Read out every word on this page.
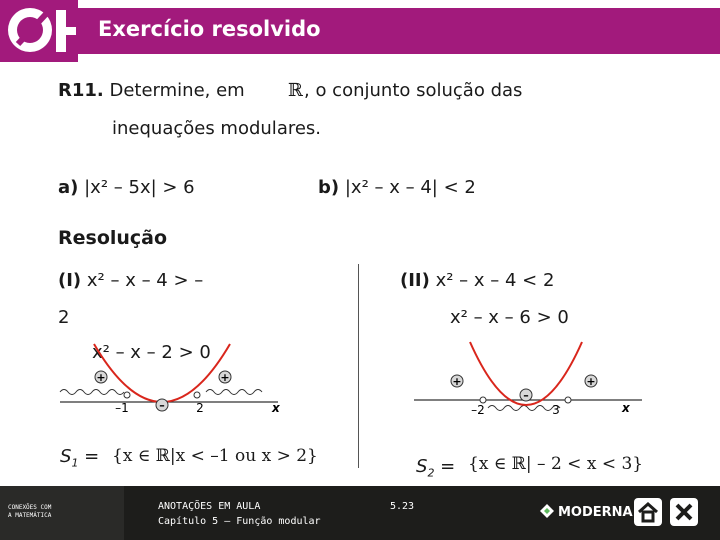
Exercício resolvido
R11. Determine, em ℝ , o conjunto solução das
inequações modulares.
a) |x² – 5x| > 6	b) |x² – x – 4| < 2
Resolução
(I) x² – x – 4 > –
2
x² – x – 2 > 0
+
–
+
–1	2	x
$S_1 = \{x$ ∈ ℝ|x < –1 ou x > 2}
(II) x² – x – 4 < 2
x² – x – 6 > 0
+
–
+
–2	3	x
$S_2 = \{x$ ∈ ℝ| – 2 < x < 3}
CONEXÕES COM
A MATEMÁTICA
ANOTAÇÕES EM AULA
Capítulo 5 – Função modular
5.23	MODERNA
